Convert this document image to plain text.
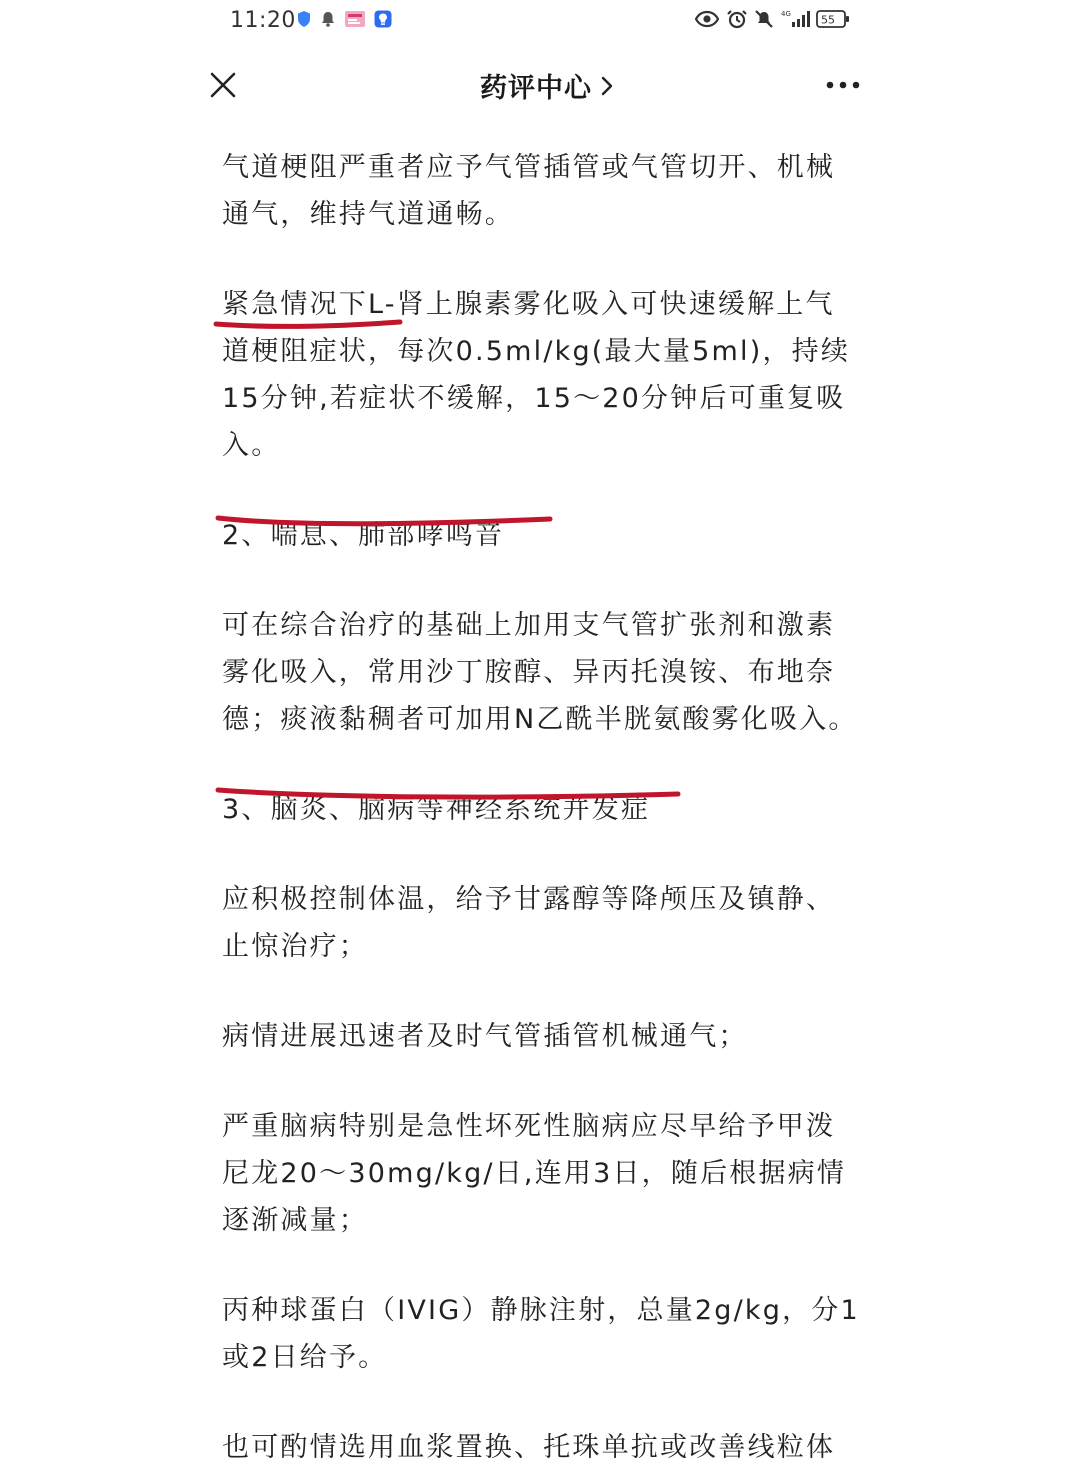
11:20	4G	55
药评中心

气道梗阻严重者应予气管插管或气管切开、机械通气，维持气道通畅。

紧急情况下L-肾上腺素雾化吸入可快速缓解上气道梗阻症状，每次0.5ml/kg(最大量5ml)，持续15分钟,若症状不缓解，15～20分钟后可重复吸入。

2、喘息、肺部哮鸣音

可在综合治疗的基础上加用支气管扩张剂和激素雾化吸入，常用沙丁胺醇、异丙托溴铵、布地奈德；痰液黏稠者可加用N乙酰半胱氨酸雾化吸入。

3、脑炎、脑病等神经系统并发症

应积极控制体温，给予甘露醇等降颅压及镇静、止惊治疗；

病情进展迅速者及时气管插管机械通气；

严重脑病特别是急性坏死性脑病应尽早给予甲泼尼龙20～30mg/kg/日,连用3日，随后根据病情逐渐减量；

丙种球蛋白（IVIG）静脉注射，总量2g/kg，分1或2日给予。

也可酌情选用血浆置换、托珠单抗或改善线粒体
